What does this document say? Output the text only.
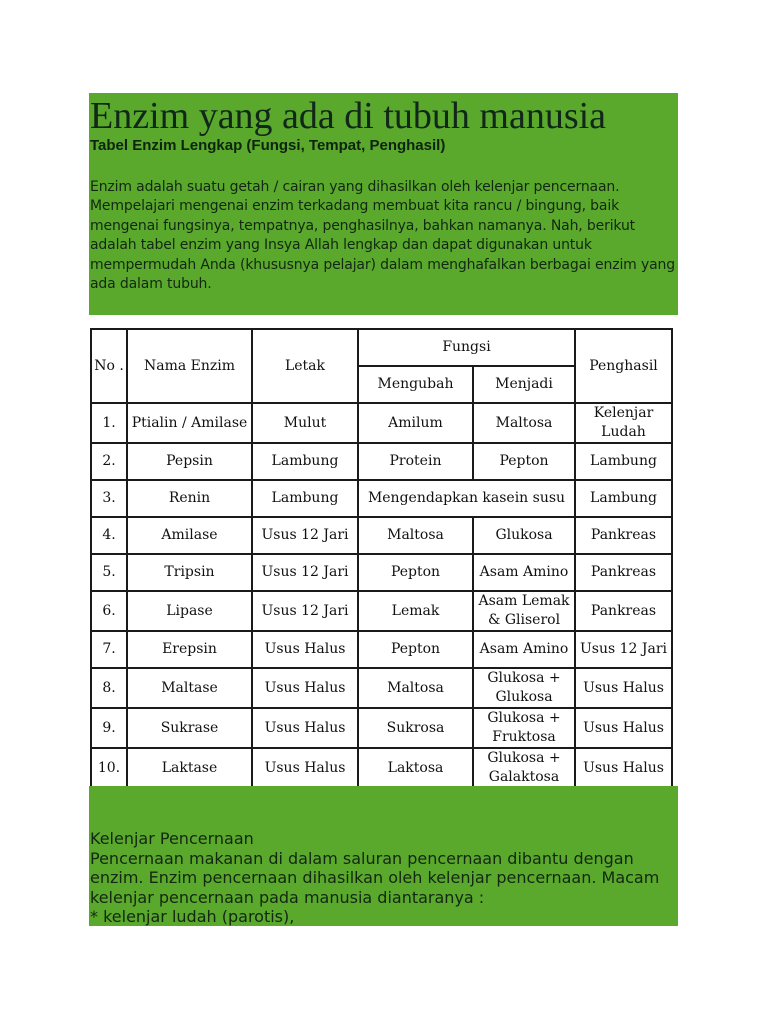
Enzim yang ada di tubuh manusia
Tabel Enzim Lengkap (Fungsi, Tempat, Penghasil)

Enzim adalah suatu getah / cairan yang dihasilkan oleh kelenjar pencernaan. Mempelajari mengenai enzim terkadang membuat kita rancu / bingung, baik mengenai fungsinya, tempatnya, penghasilnya, bahkan namanya. Nah, berikut adalah tabel enzim yang Insya Allah lengkap dan dapat digunakan untuk mempermudah Anda (khususnya pelajar) dalam menghafalkan berbagai enzim yang ada dalam tubuh.

No .	Nama Enzim	Letak	Fungsi		Penghasil
			Mengubah	Menjadi	
1.	Ptialin / Amilase	Mulut	Amilum	Maltosa	Kelenjar Ludah
2.	Pepsin	Lambung	Protein	Pepton	Lambung
3.	Renin	Lambung	Mengendapkan kasein susu		Lambung
4.	Amilase	Usus 12 Jari	Maltosa	Glukosa	Pankreas
5.	Tripsin	Usus 12 Jari	Pepton	Asam Amino	Pankreas
6.	Lipase	Usus 12 Jari	Lemak	Asam Lemak & Gliserol	Pankreas
7.	Erepsin	Usus Halus	Pepton	Asam Amino	Usus 12 Jari
8.	Maltase	Usus Halus	Maltosa	Glukosa + Glukosa	Usus Halus
9.	Sukrase	Usus Halus	Sukrosa	Glukosa + Fruktosa	Usus Halus
10.	Laktase	Usus Halus	Laktosa	Glukosa + Galaktosa	Usus Halus
Kelenjar Pencernaan
Pencernaan makanan di dalam saluran pencernaan dibantu dengan enzim. Enzim pencernaan dihasilkan oleh kelenjar pencernaan. Macam kelenjar pencernaan pada manusia diantaranya :
* kelenjar ludah (parotis),
